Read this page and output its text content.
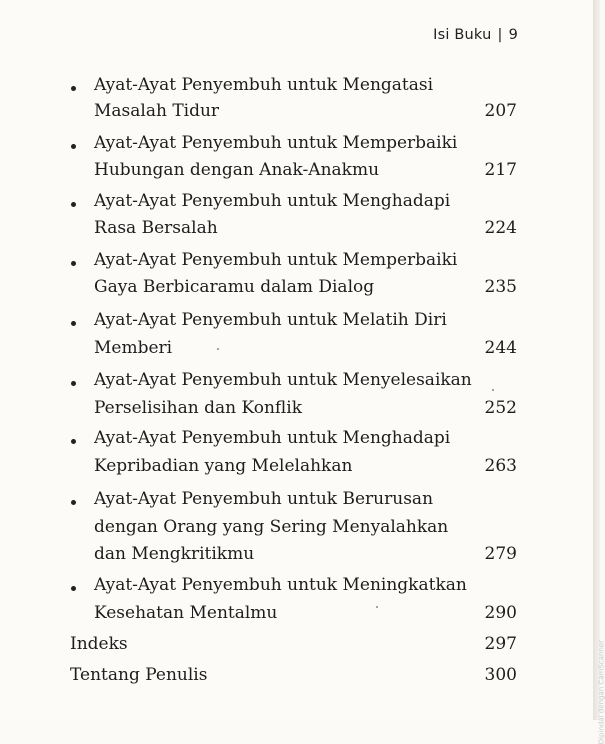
Isi Buku | 9
Ayat-Ayat Penyembuh untuk Mengatasi
Masalah Tidur	207
Ayat-Ayat Penyembuh untuk Memperbaiki
Hubungan dengan Anak-Anakmu	217
Ayat-Ayat Penyembuh untuk Menghadapi
Rasa Bersalah	224
Ayat-Ayat Penyembuh untuk Memperbaiki
Gaya Berbicaramu dalam Dialog	235
Ayat-Ayat Penyembuh untuk Melatih Diri
Memberi	244
Ayat-Ayat Penyembuh untuk Menyelesaikan
Perselisihan dan Konflik	252
Ayat-Ayat Penyembuh untuk Menghadapi
Kepribadian yang Melelahkan	263
Ayat-Ayat Penyembuh untuk Berurusan
dengan Orang yang Sering Menyalahkan
dan Mengkritikmu	279
Ayat-Ayat Penyembuh untuk Meningkatkan
Kesehatan Mentalmu	290
Indeks	297
Tentang Penulis	300	Dipindai dengan CamScanner
